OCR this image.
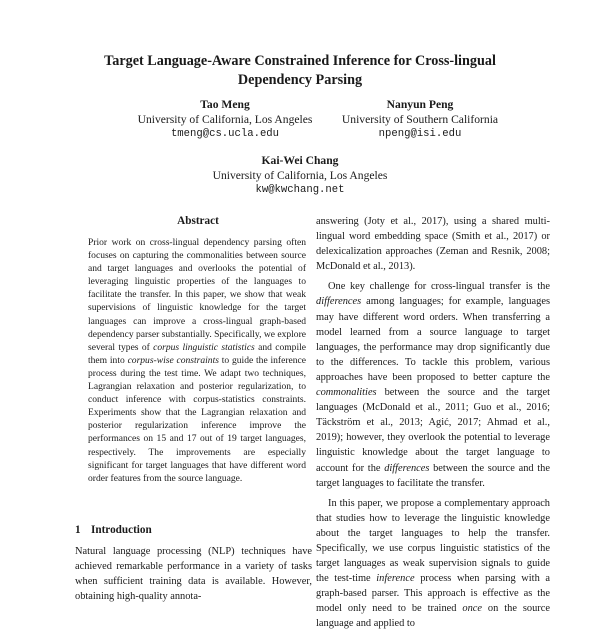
Target Language-Aware Constrained Inference for Cross-lingual
Dependency Parsing
Tao Meng
University of California, Los Angeles
tmeng@cs.ucla.edu
Nanyun Peng
University of Southern California
npeng@isi.edu
Kai-Wei Chang
University of California, Los Angeles
kw@kwchang.net
Abstract

Prior work on cross-lingual dependency parsing often focuses on capturing the commonalities between source and target languages and overlooks the potential of leveraging linguistic properties of the languages to facilitate the transfer. In this paper, we show that weak supervisions of linguistic knowledge for the target languages can improve a cross-lingual graph-based dependency parser substantially. Specifically, we explore several types of corpus linguistic statistics and compile them into corpus-wise constraints to guide the inference process during the test time. We adapt two techniques, Lagrangian relaxation and posterior regularization, to conduct inference with corpus-statistics constraints. Experiments show that the Lagrangian relaxation and posterior regularization inference improve the performances on 15 and 17 out of 19 target languages, respectively. The improvements are especially significant for target languages that have different word order features from the source language.

1 Introduction

Natural language processing (NLP) techniques have achieved remarkable performance in a variety of tasks when sufficient training data is available. However, obtaining high-quality annota-

answering (Joty et al., 2017), using a shared multi-lingual word embedding space (Smith et al., 2017) or delexicalization approaches (Zeman and Resnik, 2008; McDonald et al., 2013).

One key challenge for cross-lingual transfer is the differences among languages; for example, languages may have different word orders. When transferring a model learned from a source language to target languages, the performance may drop significantly due to the differences. To tackle this problem, various approaches have been proposed to better capture the commonalities between the source and the target languages (McDonald et al., 2011; Guo et al., 2016; Täckström et al., 2013; Agić, 2017; Ahmad et al., 2019); however, they overlook the potential to leverage linguistic knowledge about the target language to account for the differences between the source and the target languages to facilitate the transfer.

In this paper, we propose a complementary approach that studies how to leverage the linguistic knowledge about the target languages to help the transfer. Specifically, we use corpus linguistic statistics of the target languages as weak supervision signals to guide the test-time inference process when parsing with a graph-based parser. This approach is effective as the model only need to be trained once on the source language and applied to
